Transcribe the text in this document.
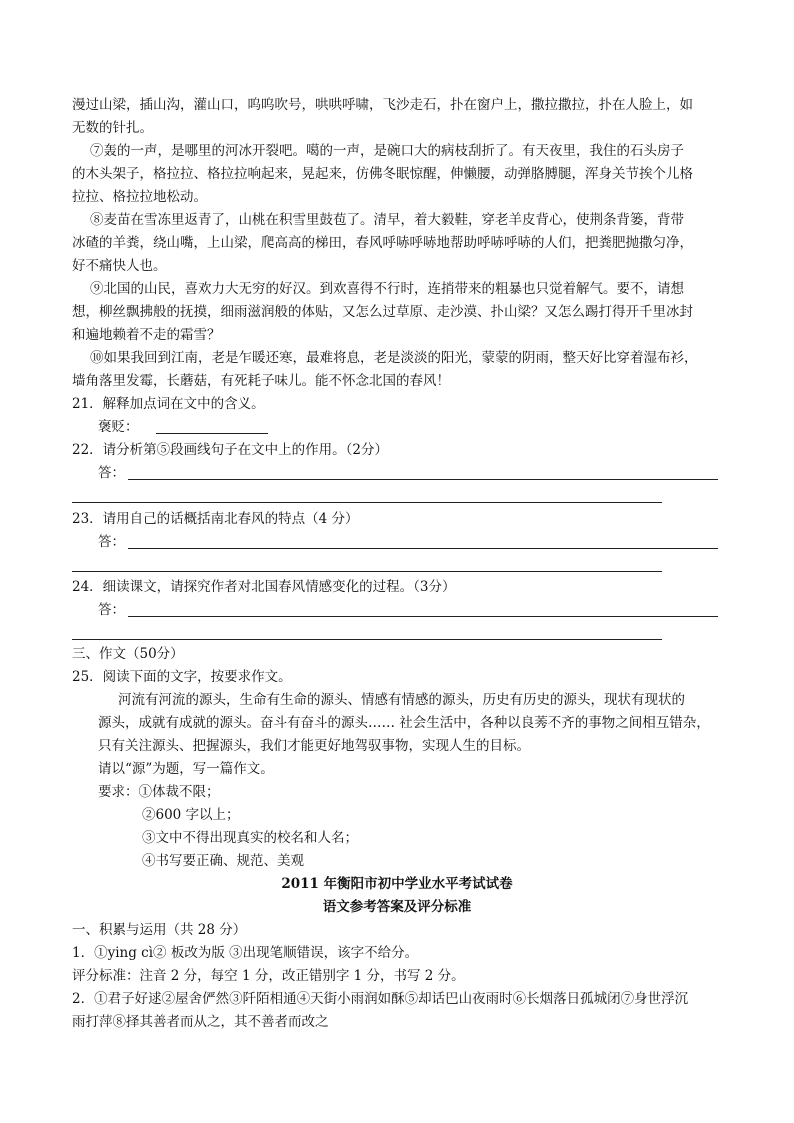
漫过山梁，插山沟，灌山口，呜呜吹号，哄哄呼啸，飞沙走石，扑在窗户上，撒拉撒拉，扑在人脸上，如
无数的针扎。
⑦轰的一声，是哪里的河冰开裂吧。噶的一声，是碗口大的病枝刮折了。有天夜里，我住的石头房子
的木头架子，格拉拉、格拉拉响起来，晃起来，仿佛冬眠惊醒，伸懒腰，动弹胳膊腿，浑身关节挨个儿格
拉拉、格拉拉地松动。
⑧麦苗在雪冻里返青了，山桃在积雪里鼓苞了。清早，着大毅鞋，穿老羊皮背心，使荆条背篓，背带
冰碴的羊粪，绕山嘴，上山梁，爬高高的梯田，春风呼哧呼哧地帮助呼哧呼哧的人们，把粪肥抛撒匀净，
好不痛快人也。
⑨北国的山民，喜欢力大无穷的好汉。到欢喜得不行时，连捎带来的粗暴也只觉着解气。要不，请想
想，柳丝飘拂般的抚摸，细雨滋润般的体贴，又怎么过草原、走沙漠、扑山梁？又怎么踢打得开千里冰封
和遍地赖着不走的霜雪？
⑩如果我回到江南，老是乍暖还寒，最难将息，老是淡淡的阳光，蒙蒙的阴雨，整天好比穿着湿布衫，
墙角落里发霉，长蘑菇，有死耗子味儿。能不怀念北国的春风！
21．解释加点词在文中的含义。
褒贬：
22．请分析第⑤段画线句子在文中上的作用。（2分）
答：
23．请用自己的话概括南北春风的特点（4 分）
答：
24．细读课文，请探究作者对北国春风情感变化的过程。（3分）
答：
三、作文（50分）
25．阅读下面的文字，按要求作文。
河流有河流的源头，生命有生命的源头、情感有情感的源头，历史有历史的源头，现状有现状的
源头，成就有成就的源头。奋斗有奋斗的源头…… 社会生活中，各种以良莠不齐的事物之间相互错杂，
只有关注源头、把握源头，我们才能更好地驾驭事物，实现人生的目标。
请以“源”为题，写一篇作文。
要求：①体裁不限；
②600 字以上；
③文中不得出现真实的校名和人名；
④书写要正确、规范、美观
2011 年衡阳市初中学业水平考试试卷
语文参考答案及评分标准
一、积累与运用（共 28 分）
1．①ying cì② 板改为版 ③出现笔顺错误，该字不给分。
评分标准：注音 2 分，每空 1 分，改正错别字 1 分，书写 2 分。
2．①君子好逑②屋舍俨然③阡陌相通④天街小雨润如酥⑤却话巴山夜雨时⑥长烟落日孤城闭⑦身世浮沉
雨打萍⑧择其善者而从之，其不善者而改之
